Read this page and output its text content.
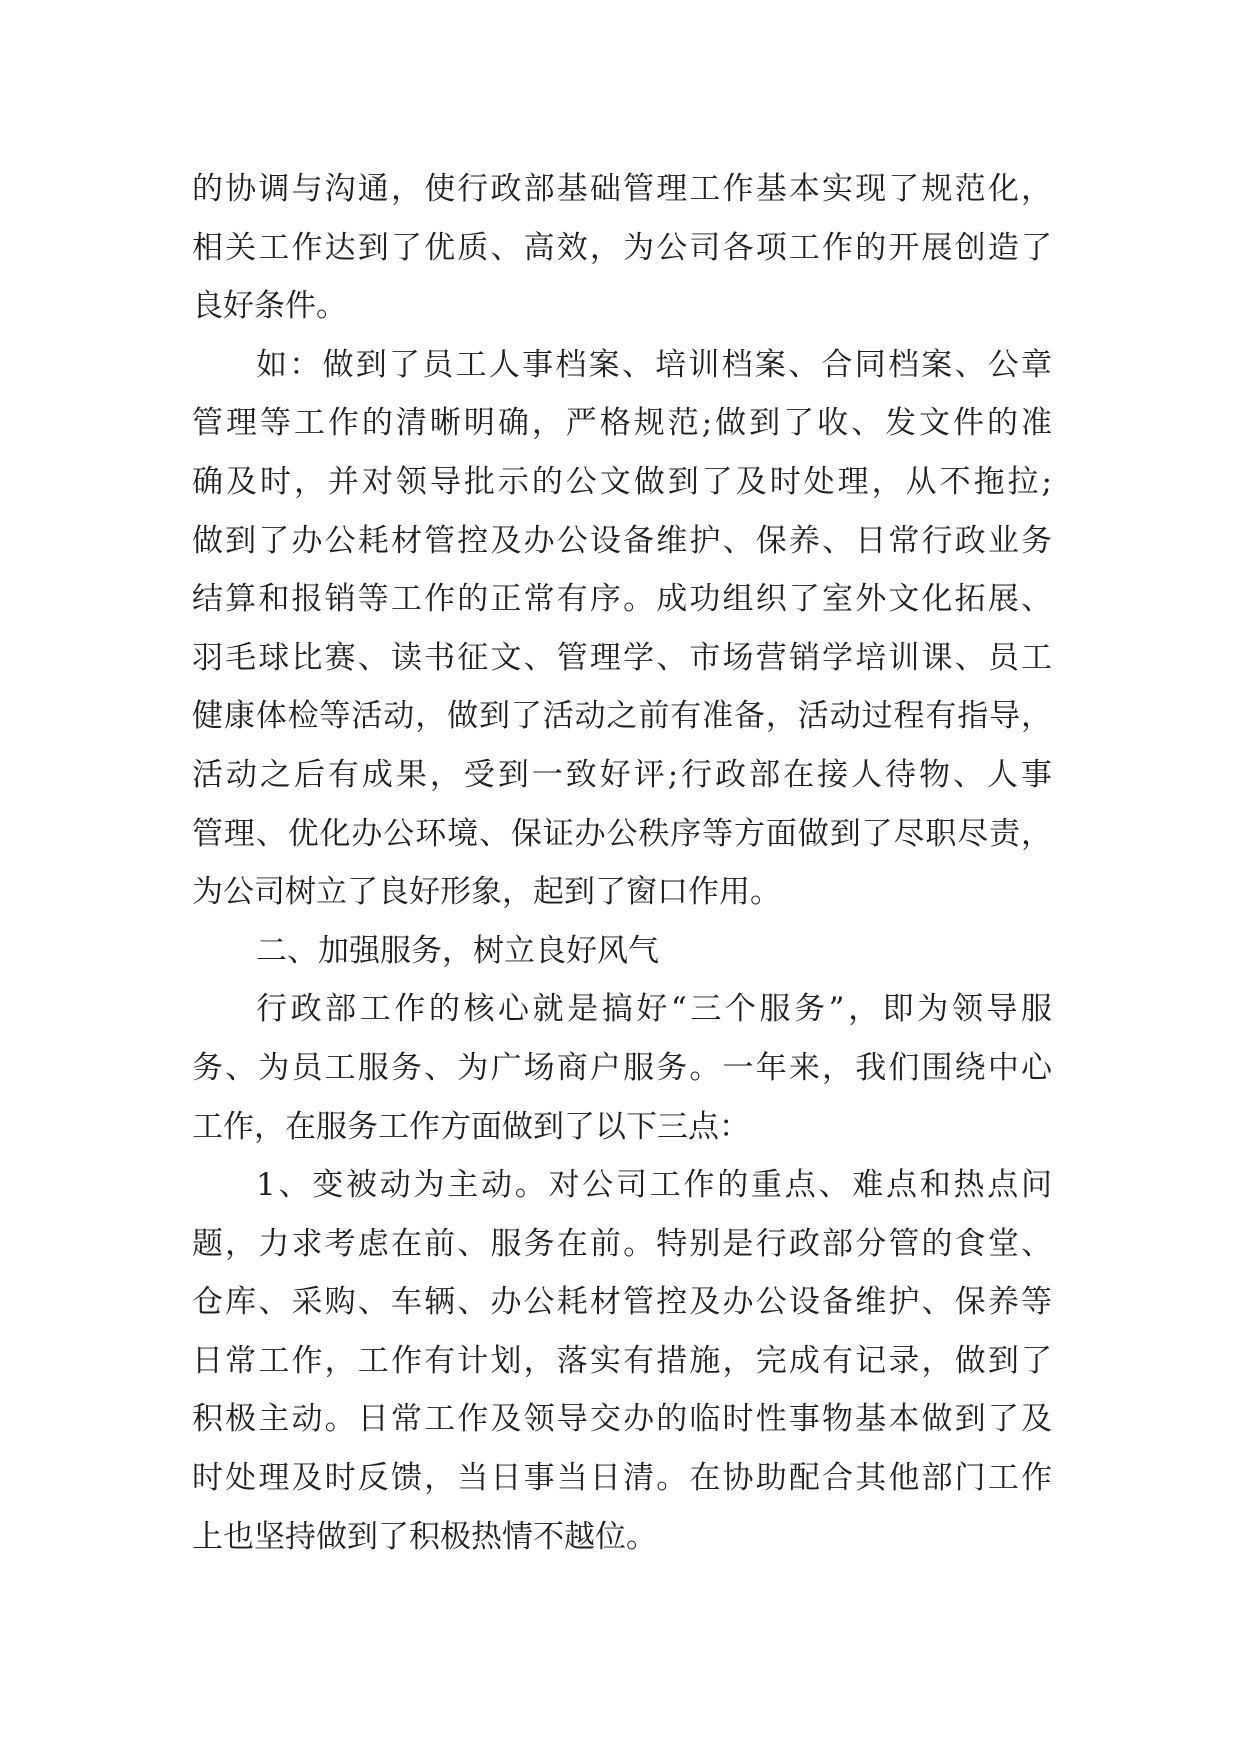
的协调与沟通，使行政部基础管理工作基本实现了规范化，
相关工作达到了优质、高效，为公司各项工作的开展创造了
良好条件。
如：做到了员工人事档案、培训档案、合同档案、公章
管理等工作的清晰明确，严格规范;做到了收、发文件的准
确及时，并对领导批示的公文做到了及时处理，从不拖拉;
做到了办公耗材管控及办公设备维护、保养、日常行政业务
结算和报销等工作的正常有序。成功组织了室外文化拓展、
羽毛球比赛、读书征文、管理学、市场营销学培训课、员工
健康体检等活动，做到了活动之前有准备，活动过程有指导，
活动之后有成果，受到一致好评;行政部在接人待物、人事
管理、优化办公环境、保证办公秩序等方面做到了尽职尽责，
为公司树立了良好形象，起到了窗口作用。
二、加强服务，树立良好风气
行政部工作的核心就是搞好“三个服务”，即为领导服
务、为员工服务、为广场商户服务。一年来，我们围绕中心
工作，在服务工作方面做到了以下三点：
1、变被动为主动。对公司工作的重点、难点和热点问
题，力求考虑在前、服务在前。特别是行政部分管的食堂、
仓库、采购、车辆、办公耗材管控及办公设备维护、保养等
日常工作，工作有计划，落实有措施，完成有记录，做到了
积极主动。日常工作及领导交办的临时性事物基本做到了及
时处理及时反馈，当日事当日清。在协助配合其他部门工作
上也坚持做到了积极热情不越位。
